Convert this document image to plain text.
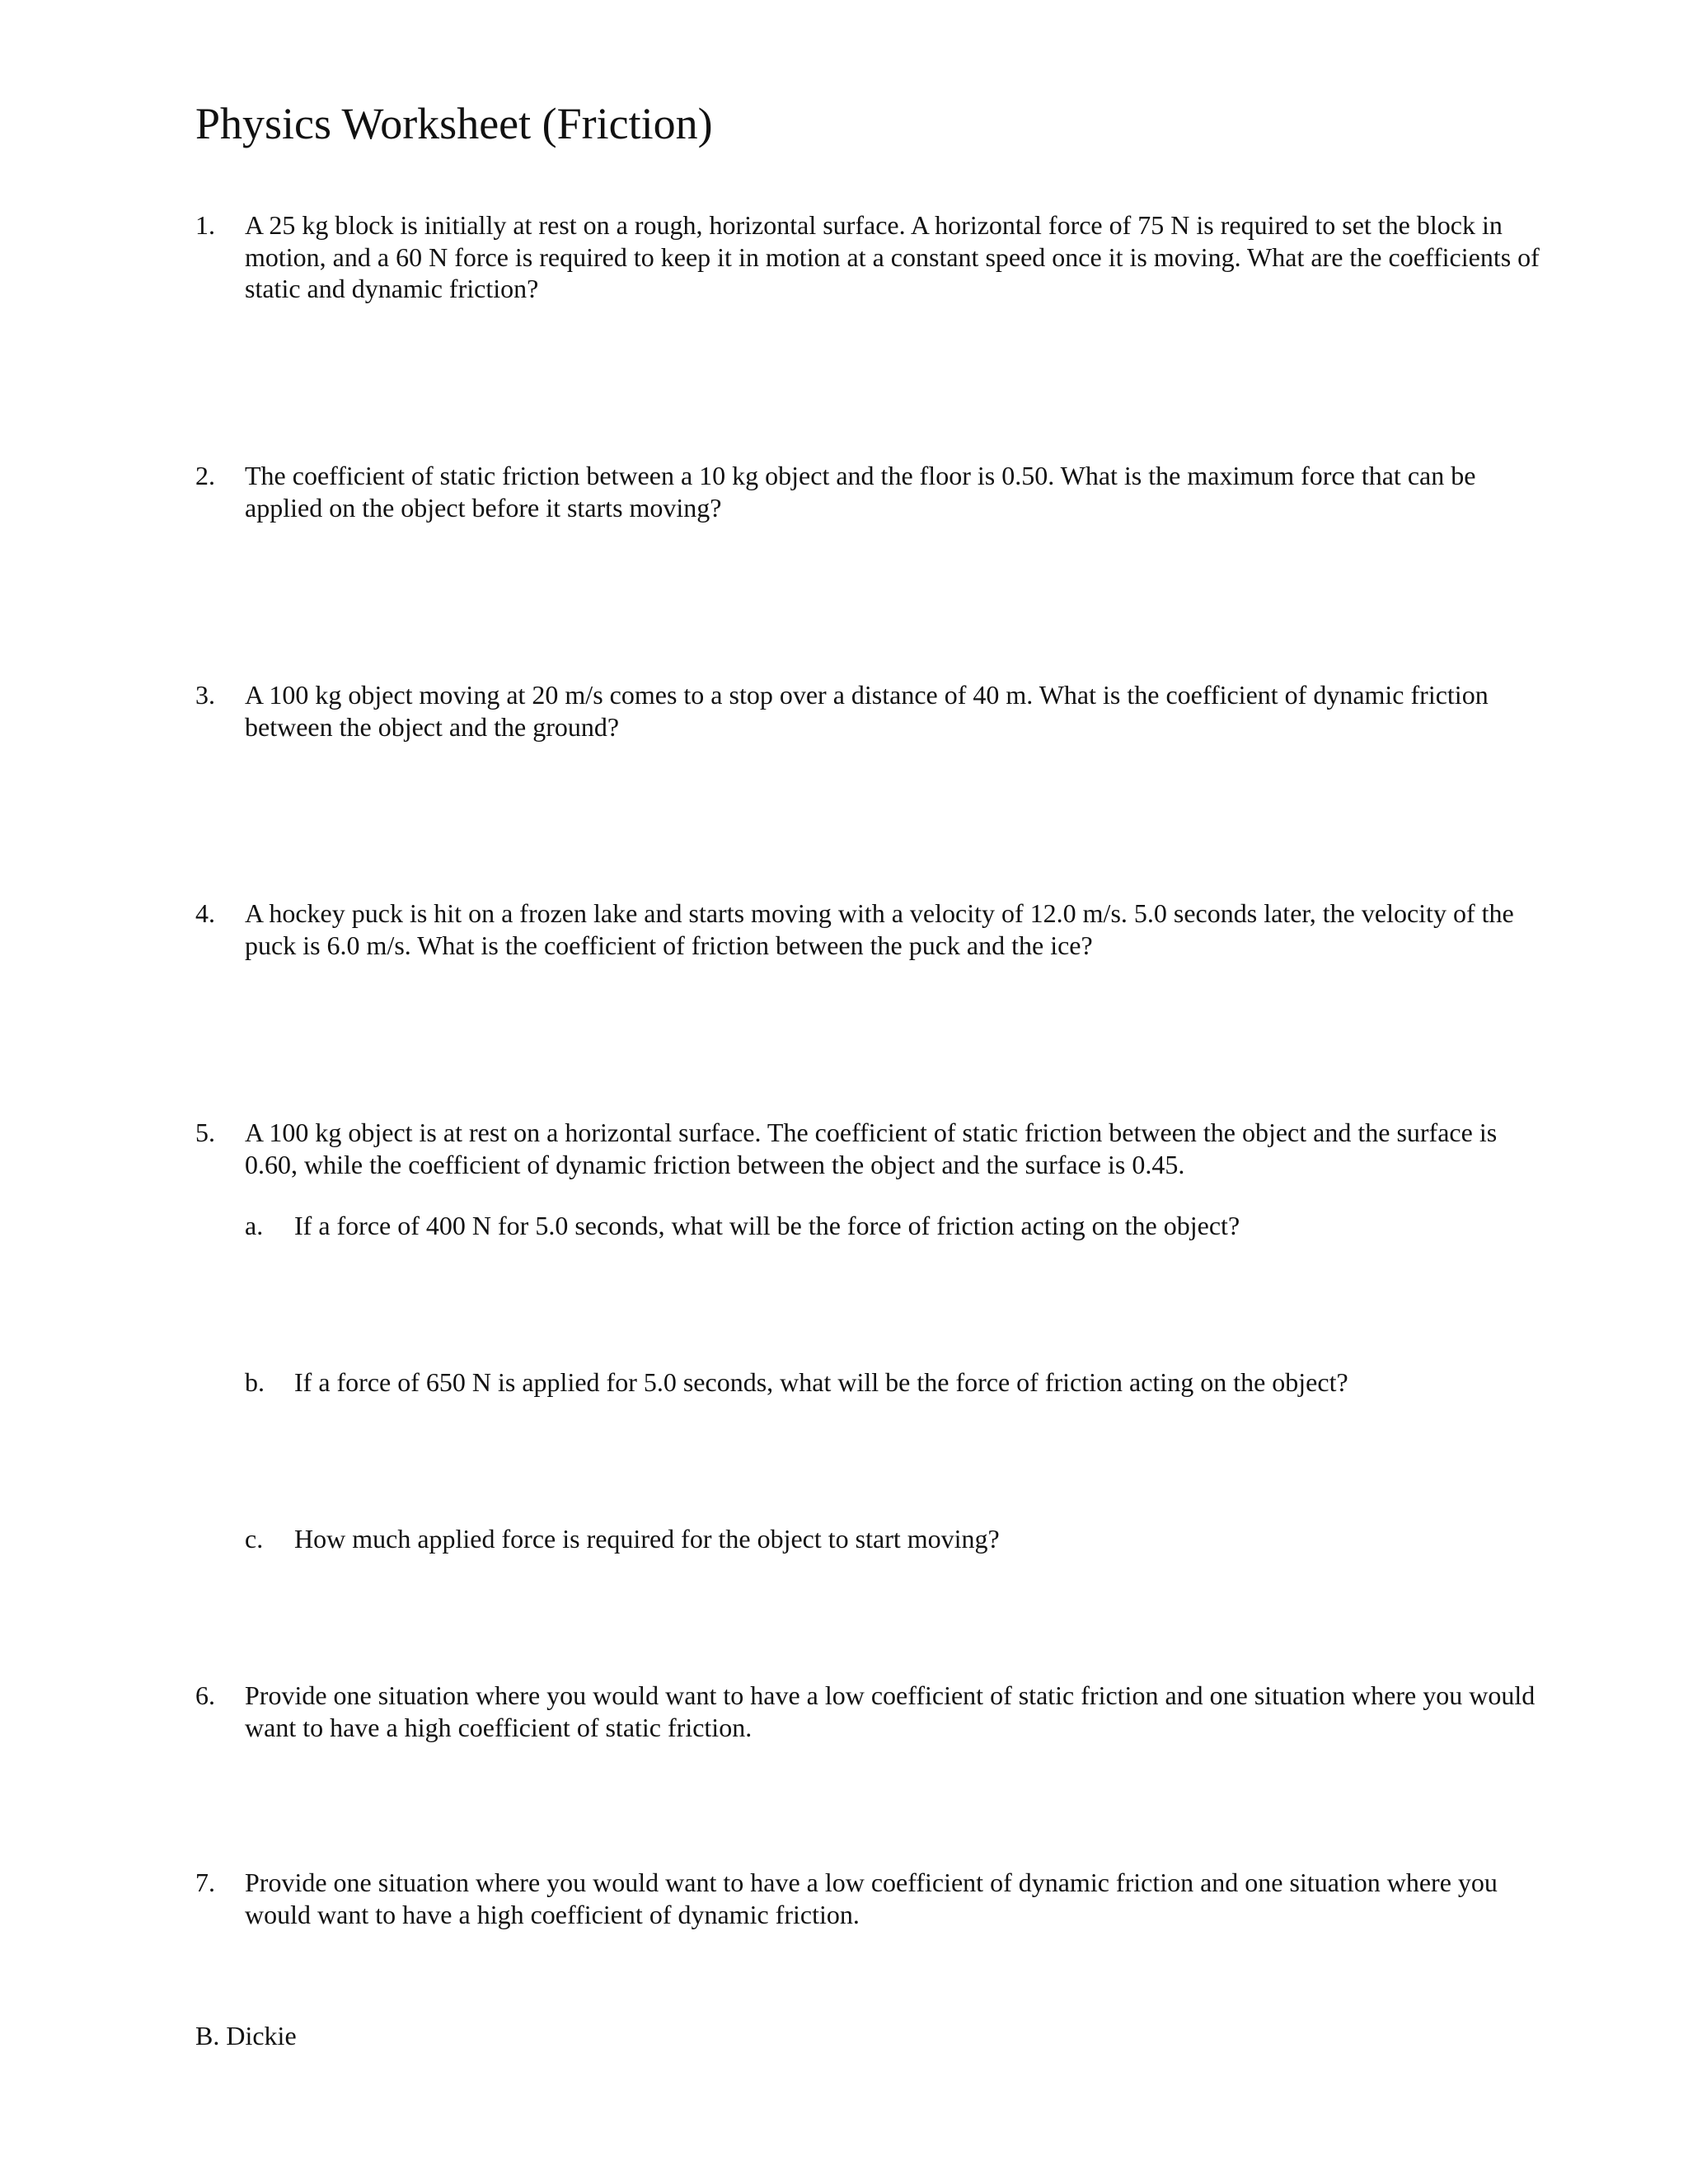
Physics Worksheet (Friction)
1. A 25 kg block is initially at rest on a rough, horizontal surface. A horizontal force of 75 N is required to set the block in motion, and a 60 N force is required to keep it in motion at a constant speed once it is moving. What are the coefficients of static and dynamic friction?
2. The coefficient of static friction between a 10 kg object and the floor is 0.50. What is the maximum force that can be applied on the object before it starts moving?
3. A 100 kg object moving at 20 m/s comes to a stop over a distance of 40 m. What is the coefficient of dynamic friction between the object and the ground?
4. A hockey puck is hit on a frozen lake and starts moving with a velocity of 12.0 m/s. 5.0 seconds later, the velocity of the puck is 6.0 m/s. What is the coefficient of friction between the puck and the ice?
5. A 100 kg object is at rest on a horizontal surface. The coefficient of static friction between the object and the surface is 0.60, while the coefficient of dynamic friction between the object and the surface is 0.45.
a. If a force of 400 N for 5.0 seconds, what will be the force of friction acting on the object?
b. If a force of 650 N is applied for 5.0 seconds, what will be the force of friction acting on the object?
c. How much applied force is required for the object to start moving?
6. Provide one situation where you would want to have a low coefficient of static friction and one situation where you would want to have a high coefficient of static friction.
7. Provide one situation where you would want to have a low coefficient of dynamic friction and one situation where you would want to have a high coefficient of dynamic friction.
B. Dickie
